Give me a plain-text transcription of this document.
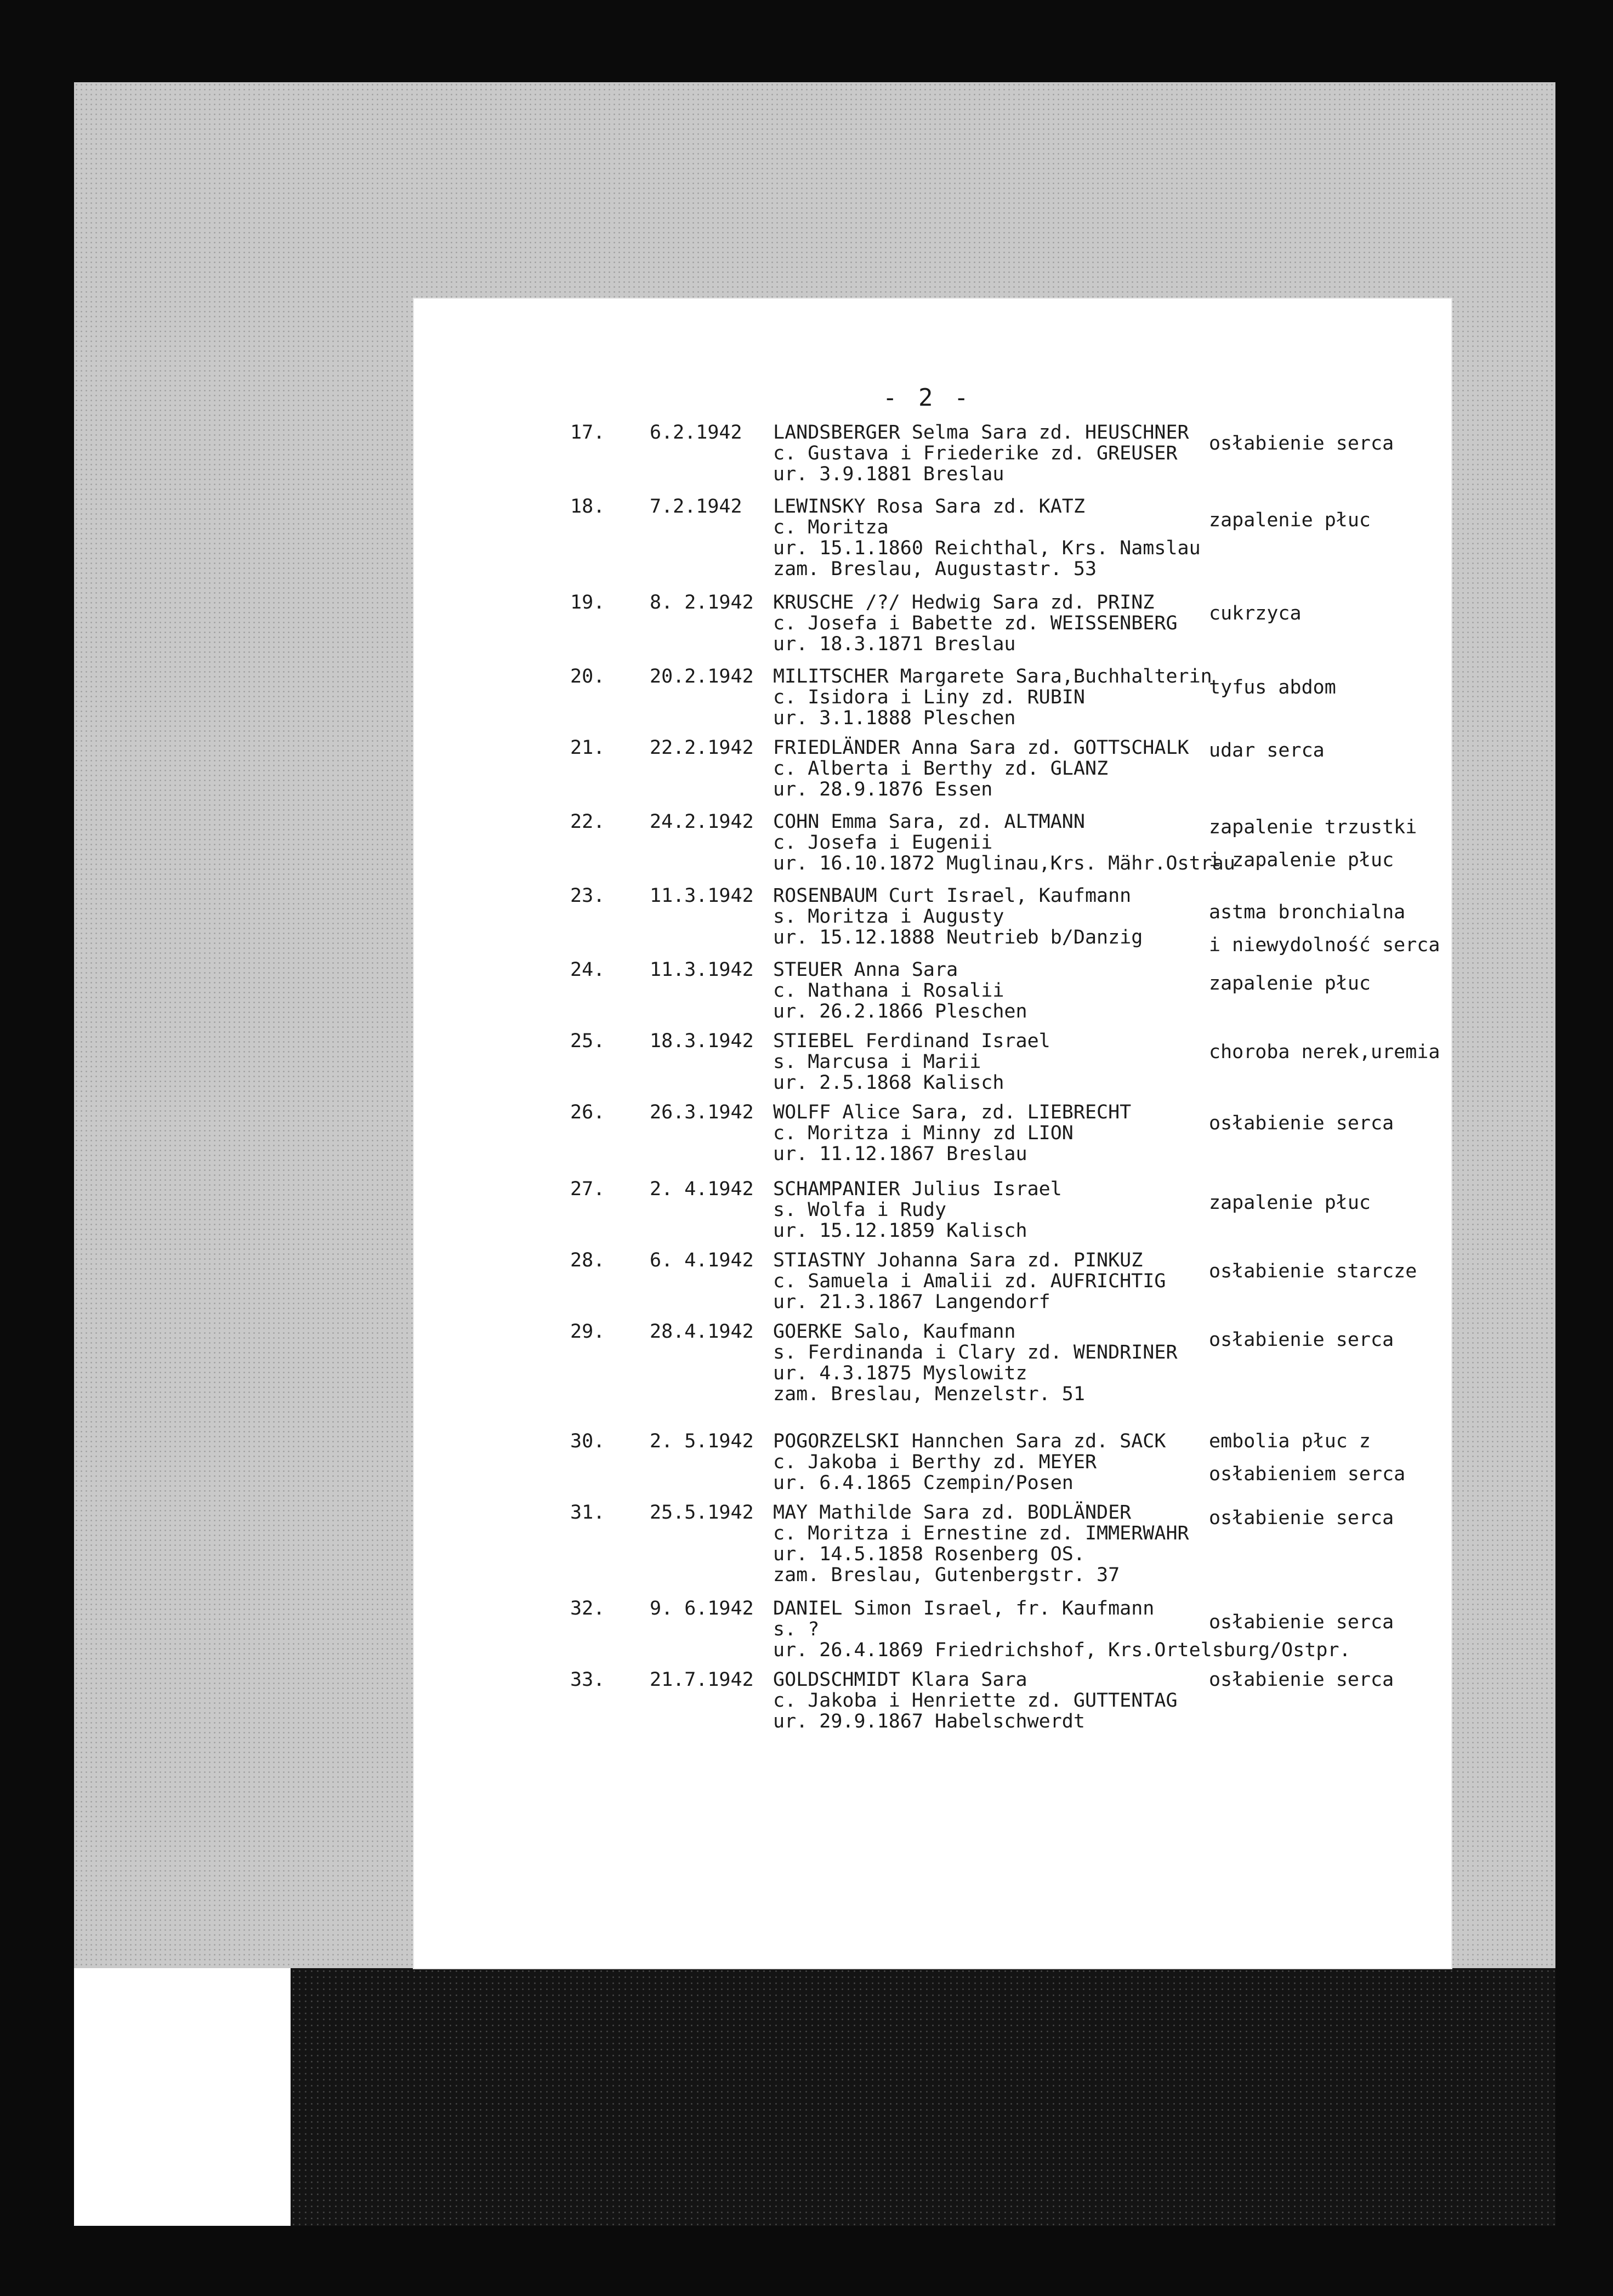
- 2 -
17. 6.2.1942 LANDSBERGER Selma Sara zd. HEUSCHNER
c. Gustava i Friederike zd. GREUSER
ur. 3.9.1881 Breslau
osłabienie serca
18. 7.2.1942 LEWINSKY Rosa Sara zd. KATZ
c. Moritza
ur. 15.1.1860 Reichthal, Krs. Namslau
zam. Breslau, Augustastr. 53
zapalenie płuc
19. 8. 2.1942 KRUSCHE /?/ Hedwig Sara zd. PRINZ
c. Josefa i Babette zd. WEISSENBERG
ur. 18.3.1871 Breslau
cukrzyca
20. 20.2.1942 MILITSCHER Margarete Sara,Buchhalterin
c. Isidora i Liny zd. RUBIN
ur. 3.1.1888 Pleschen
tyfus abdom
21. 22.2.1942 FRIEDLÄNDER Anna Sara zd. GOTTSCHALK
c. Alberta i Berthy zd. GLANZ
ur. 28.9.1876 Essen
udar serca
22. 24.2.1942 COHN Emma Sara, zd. ALTMANN
c. Josefa i Eugenii
ur. 16.10.1872 Muglinau,Krs. Mähr.Ostrau
zapalenie trzustki
i zapalenie płuc
23. 11.3.1942 ROSENBAUM Curt Israel, Kaufmann
s. Moritza i Augusty
ur. 15.12.1888 Neutrieb b/Danzig
astma bronchialna
i niewydolność serca
24. 11.3.1942 STEUER Anna Sara
c. Nathana i Rosalii
ur. 26.2.1866 Pleschen
zapalenie płuc
25. 18.3.1942 STIEBEL Ferdinand Israel
s. Marcusa i Marii
ur. 2.5.1868 Kalisch
choroba nerek,uremia
26. 26.3.1942 WOLFF Alice Sara, zd. LIEBRECHT
c. Moritza i Minny zd LION
ur. 11.12.1867 Breslau
osłabienie serca
27. 2. 4.1942 SCHAMPANIER Julius Israel
s. Wolfa i Rudy
ur. 15.12.1859 Kalisch
zapalenie płuc
28. 6. 4.1942 STIASTNY Johanna Sara zd. PINKUZ
c. Samuela i Amalii zd. AUFRICHTIG
ur. 21.3.1867 Langendorf
osłabienie starcze
29. 28.4.1942 GOERKE Salo, Kaufmann
s. Ferdinanda i Clary zd. WENDRINER
ur. 4.3.1875 Myslowitz
zam. Breslau, Menzelstr. 51
osłabienie serca
30. 2. 5.1942 POGORZELSKI Hannchen Sara zd. SACK
c. Jakoba i Berthy zd. MEYER
ur. 6.4.1865 Czempin/Posen
embolia płuc z
osłabieniem serca
31. 25.5.1942 MAY Mathilde Sara zd. BODLÄNDER
c. Moritza i Ernestine zd. IMMERWAHR
ur. 14.5.1858 Rosenberg OS.
zam. Breslau, Gutenbergstr. 37
osłabienie serca
32. 9. 6.1942 DANIEL Simon Israel, fr. Kaufmann
s. ?
ur. 26.4.1869 Friedrichshof, Krs.Ortelsburg/Ostpr.
osłabienie serca
33. 21.7.1942 GOLDSCHMIDT Klara Sara
c. Jakoba i Henriette zd. GUTTENTAG
ur. 29.9.1867 Habelschwerdt
osłabienie serca
